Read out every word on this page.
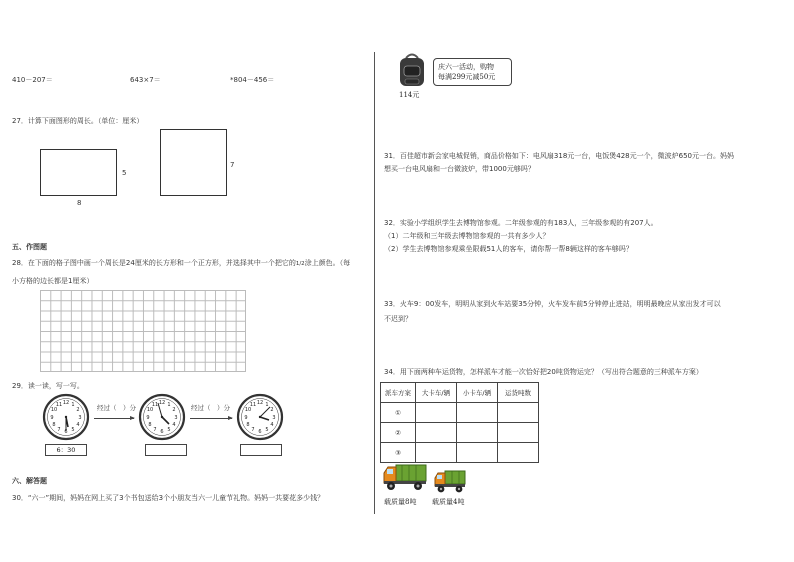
410－207＝	643×7＝	*804－456＝
27．计算下面图形的周长。（单位：厘米）
5
8
7
五、作图题
28．在下面的格子图中画一个周长是24厘米的长方形和一个正方形，并选择其中一个把它的1/2涂上颜色。（每
小方格的边长都是1厘米）
29．读一读，写一写。
12 1
2
3
4
5
6
7
8
9
10
11
6：30
经过（　）分
12 1
2
3
4
5
6
7
8
9
10
11	经过（　）分
12 1
2
3
4
5
6
7
8
9
10
11
六、解答题
30．“六一”期间，妈妈在网上买了3个书包送给3个小朋友当六一儿童节礼物。妈妈一共要花多少钱？
114元
庆六一活动，购物
每满299元减50元
31．百佳超市新会家电城促销，商品价格如下：电风扇318元一台，电饭煲428元一个，微波炉650元一台。妈妈
想买一台电风扇和一台微波炉，带1000元够吗？
32．实验小学组织学生去博物馆参观。二年级参观的有183人，三年级参观的有207人。
（1）二年级和三年级去博物馆参观的一共有多少人？
（2）学生去博物馆参观乘坐限载51人的客车，请你帮一帮8辆这样的客车够吗？
33．火车9：00发车，明明从家到火车站要35分钟，火车发车前5分钟停止进站，明明最晚应从家出发才可以
不迟到？
34．用下面两种车运货物，怎样派车才能一次恰好把20吨货物运完？（写出符合题意的三种派车方案）
派车方案	大卡车/辆	小卡车/辆	运货吨数
①			
②			
③			
载质量8吨 载质量4吨
